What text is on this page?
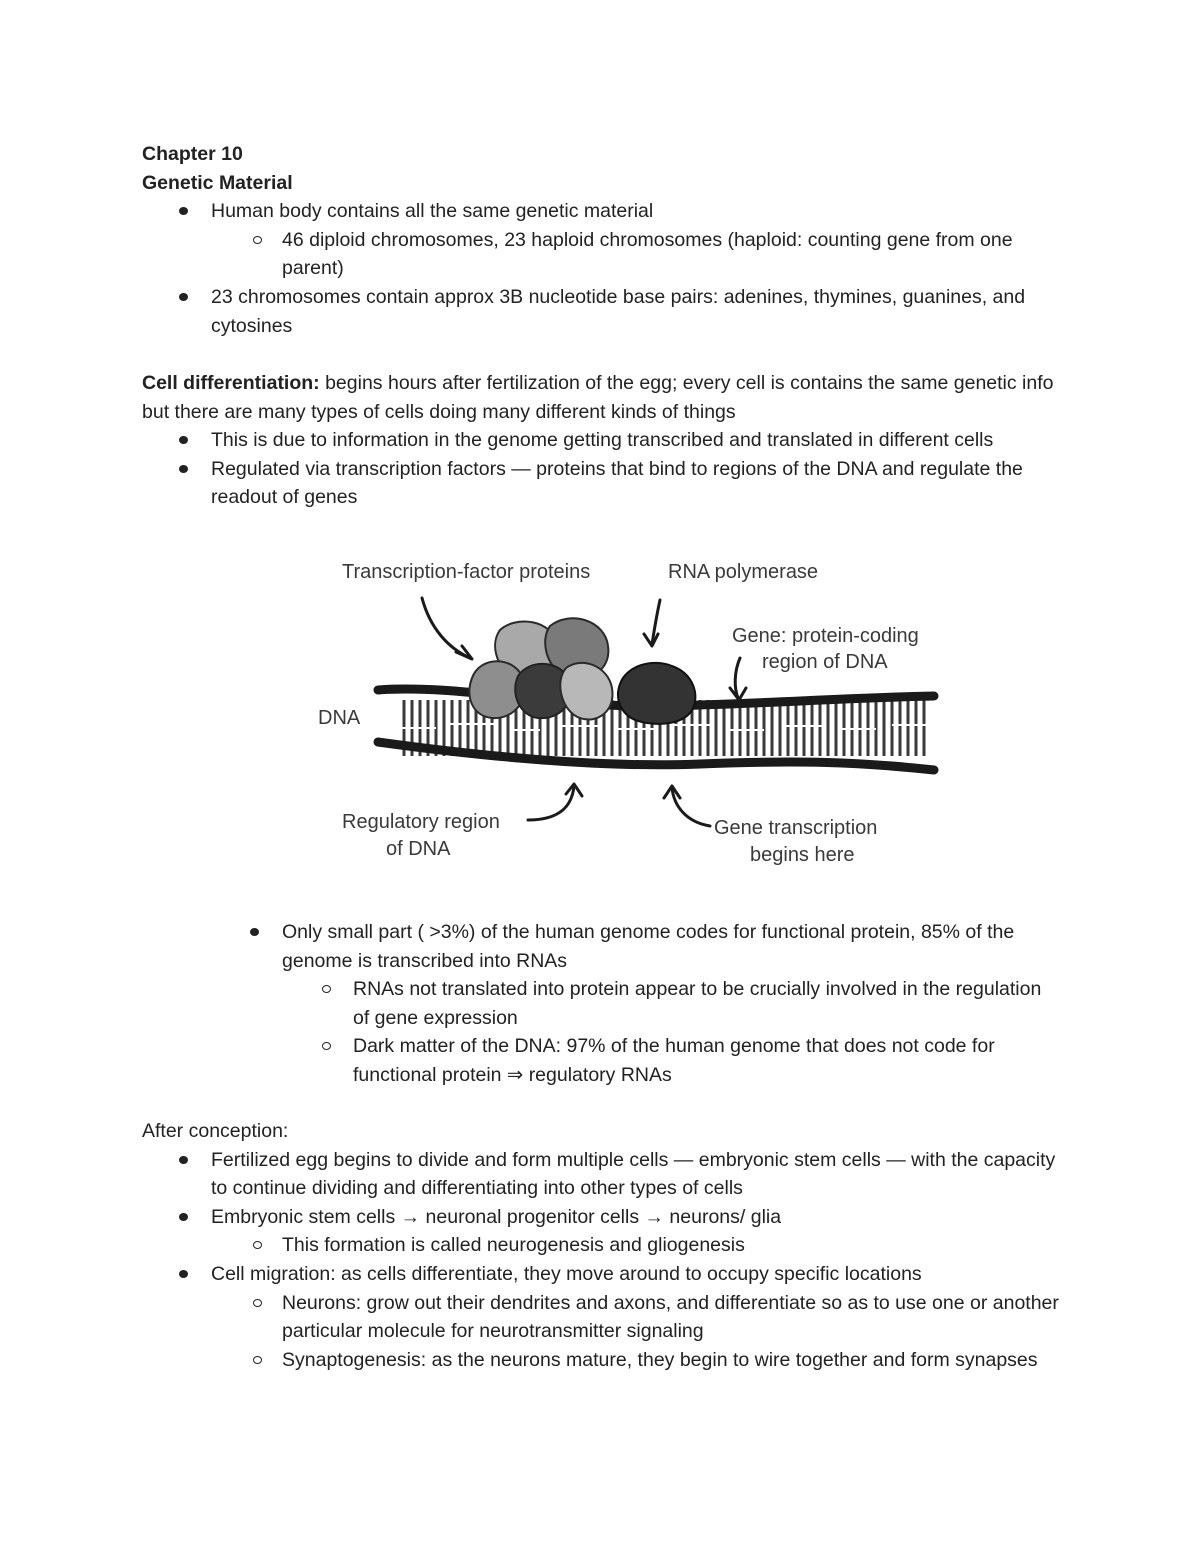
Chapter 10
Genetic Material
Human body contains all the same genetic material
46 diploid chromosomes, 23 haploid chromosomes (haploid: counting gene from one parent)
23 chromosomes contain approx 3B nucleotide base pairs: adenines, thymines, guanines, and cytosines
Cell differentiation: begins hours after fertilization of the egg; every cell is contains the same genetic info but there are many types of cells doing many different kinds of things
This is due to information in the genome getting transcribed and translated in different cells
Regulated via transcription factors — proteins that bind to regions of the DNA and regulate the readout of genes
Transcription-factor proteins	RNA polymerase
Gene: protein-coding
region of DNA
DNA
Regulatory region
of DNA
Gene transcription
begins here
Only small part ( >3%) of the human genome codes for functional protein, 85% of the genome is transcribed into RNAs
RNAs not translated into protein appear to be crucially involved in the regulation of gene expression
Dark matter of the DNA: 97% of the human genome that does not code for functional protein ⇒ regulatory RNAs
After conception:
Fertilized egg begins to divide and form multiple cells — embryonic stem cells — with the capacity to continue dividing and differentiating into other types of cells
Embryonic stem cells → neuronal progenitor cells → neurons/ glia
This formation is called neurogenesis and gliogenesis
Cell migration: as cells differentiate, they move around to occupy specific locations
Neurons: grow out their dendrites and axons, and differentiate so as to use one or another particular molecule for neurotransmitter signaling
Synaptogenesis: as the neurons mature, they begin to wire together and form synapses
